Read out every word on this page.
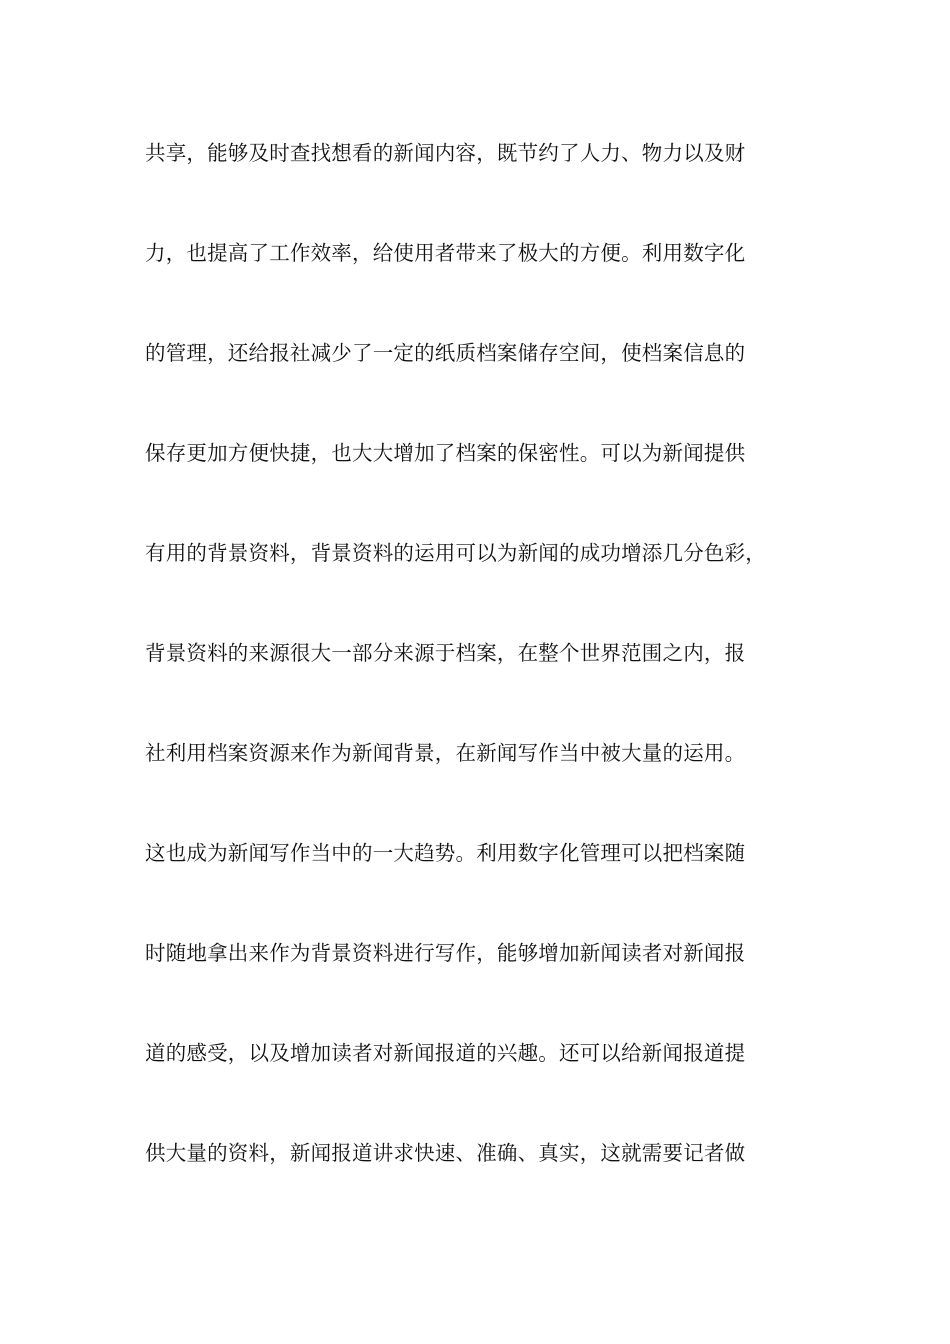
共享，能够及时查找想看的新闻内容，既节约了人力、物力以及财
力，也提高了工作效率，给使用者带来了极大的方便。利用数字化
的管理，还给报社减少了一定的纸质档案储存空间，使档案信息的
保存更加方便快捷，也大大增加了档案的保密性。可以为新闻提供
有用的背景资料，背景资料的运用可以为新闻的成功增添几分色彩，
背景资料的来源很大一部分来源于档案，在整个世界范围之内，报
社利用档案资源来作为新闻背景，在新闻写作当中被大量的运用。
这也成为新闻写作当中的一大趋势。利用数字化管理可以把档案随
时随地拿出来作为背景资料进行写作，能够增加新闻读者对新闻报
道的感受，以及增加读者对新闻报道的兴趣。还可以给新闻报道提
供大量的资料，新闻报道讲求快速、准确、真实，这就需要记者做
